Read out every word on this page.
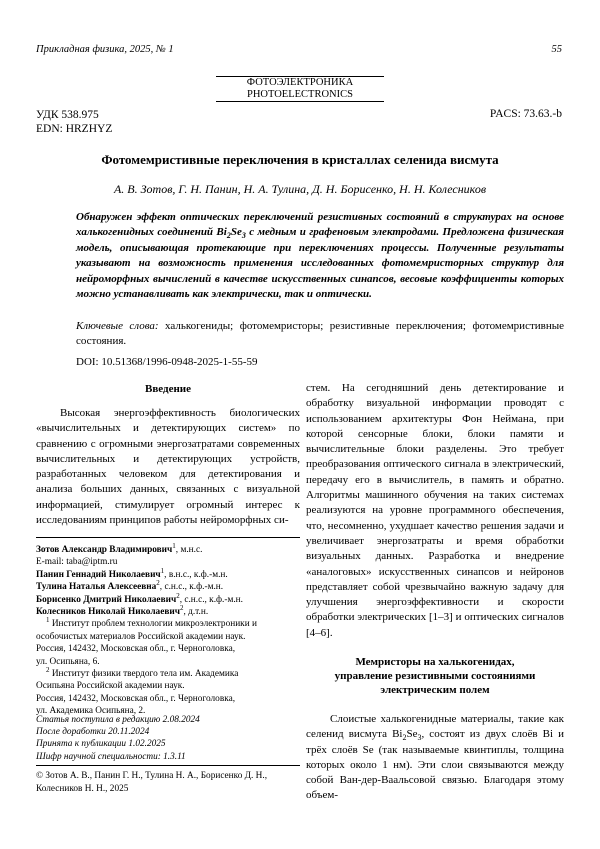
Прикладная физика, 2025, № 1	55
ФОТОЭЛЕКТРОНИКА
PHOTOELECTRONICS
УДК 538.975
EDN: HRZHYZ
PACS: 73.63.-b
Фотомемристивные переключения в кристаллах селенида висмута
А. В. Зотов, Г. Н. Панин, Н. А. Тулина, Д. Н. Борисенко, Н. Н. Колесников

Обнаружен эффект оптических переключений резистивных состояний в структурах на основе халькогенидных соединений $Bi_2Se_3$ с медным и графеновым электродами. Предложена физическая модель, описывающая протекающие при переключениях процессы. Полученные результаты указывают на возможность применения исследованных фотомемристорных структур для нейроморфных вычислений в качестве искусственных синапсов, весовые коэффициенты которых можно устанавливать как электрически, так и оптически.

Ключевые слова: халькогениды; фотомемристоры; резистивные переключения; фотомемристивные состояния.
DOI: 10.51368/1996-0948-2025-1-55-59
Введение

Высокая энергоэффективность биологических «вычислительных и детектирующих систем» по сравнению с огромными энергозатратами современных вычислительных и детектирующих устройств, разработанных человеком для детектирования и анализа больших данных, связанных с визуальной информацией, стимулирует огромный интерес к исследованиям принципов работы нейроморфных си-

Зотов Александр Владимирович$^1$, м.н.с.
E-mail: taba@iptm.ru
Панин Геннадий Николаевич$^1$, в.н.с., к.ф.-м.н.
Тулина Наталья Алексеевна$^2$, с.н.с., к.ф.-м.н.
Борисенко Дмитрий Николаевич$^2$, с.н.с., к.ф.-м.н.
Колесников Николай Николаевич$^2$, д.т.н.
$^1$ Институт проблем технологии микроэлектроники и
особочистых материалов Российской академии наук.
Россия, 142432, Московская обл., г. Черноголовка,
ул. Осипьяна, 6.
$^2$ Институт физики твердого тела им. Академика
Осипьяна Российской академии наук.
Россия, 142432, Московская обл., г. Черноголовка,
ул. Академика Осипьяна, 2.
Статья поступила в редакцию 2.08.2024
После доработки 20.11.2024
Принята к публикации 1.02.2025
Шифр научной специальности: 1.3.11
© Зотов А. В., Панин Г. Н., Тулина Н. А., Борисенко Д. Н.,
Колесников Н. Н., 2025

стем. На сегодняшний день детектирование и обработку визуальной информации проводят с использованием архитектуры Фон Неймана, при которой сенсорные блоки, блоки памяти и вычислительные блоки разделены. Это требует преобразования оптического сигнала в электрический, передачу его в вычислитель, в память и обратно. Алгоритмы машинного обучения на таких системах реализуются на уровне программного обеспечения, что, несомненно, ухудшает качество решения задачи и увеличивает энергозатраты и время обработки визуальных данных. Разработка и внедрение «аналоговых» искусственных синапсов и нейронов представляет собой чрезвычайно важную задачу для улучшения энергоэффективности и скорости обработки электрических [1–3] и оптических сигналов [4–6].

Мемристоры на халькогенидах,
управление резистивными состояниями
электрическим полем

Слоистые халькогенидные материалы, такие как селенид висмута $Bi_2Se_3$, состоят из двух слоёв Bi и трёх слоёв Se (так называемые квинтиплы, толщина которых около 1 нм). Эти слои связываются между собой Ван-дер-Ваальсовой связью. Благодаря этому объем-
